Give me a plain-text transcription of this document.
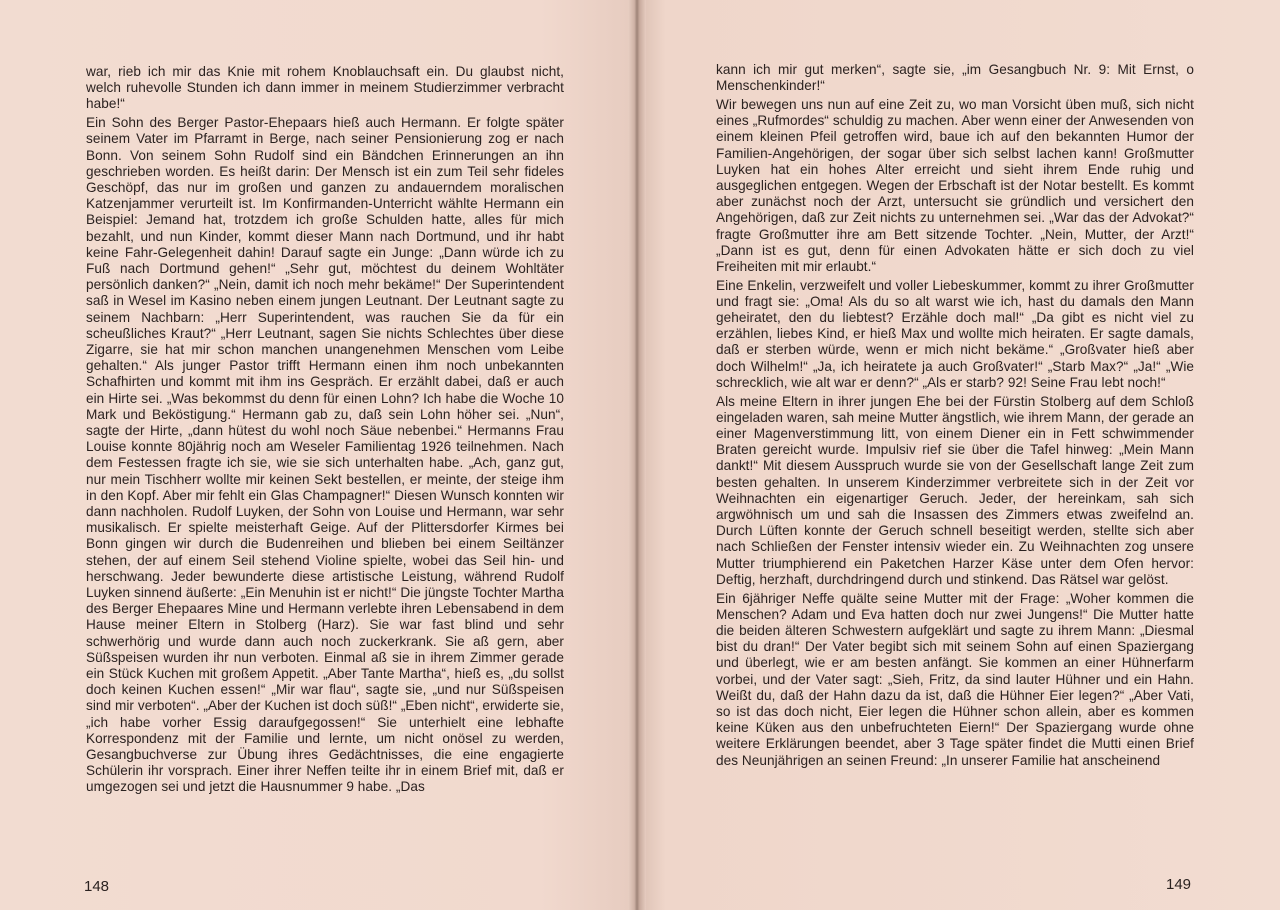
war, rieb ich mir das Knie mit rohem Knoblauchsaft ein. Du glaubst nicht, welch ruhevolle Stunden ich dann immer in meinem Studierzimmer verbracht habe!“

Ein Sohn des Berger Pastor-Ehepaars hieß auch Hermann. Er folgte später seinem Vater im Pfarramt in Berge, nach seiner Pensionierung zog er nach Bonn. Von seinem Sohn Rudolf sind ein Bändchen Erinnerungen an ihn geschrieben worden. Es heißt darin: Der Mensch ist ein zum Teil sehr fideles Geschöpf, das nur im großen und ganzen zu andauerndem moralischen Katzenjammer verurteilt ist. Im Konfirmanden-Unterricht wählte Hermann ein Beispiel: Jemand hat, trotzdem ich große Schulden hatte, alles für mich bezahlt, und nun Kinder, kommt dieser Mann nach Dortmund, und ihr habt keine Fahr-Gelegenheit dahin! Darauf sagte ein Junge: „Dann würde ich zu Fuß nach Dortmund gehen!“ „Sehr gut, möchtest du deinem Wohltäter persönlich danken?“ „Nein, damit ich noch mehr bekäme!“ Der Superintendent saß in Wesel im Kasino neben einem jungen Leutnant. Der Leutnant sagte zu seinem Nachbarn: „Herr Superintendent, was rauchen Sie da für ein scheußliches Kraut?“ „Herr Leutnant, sagen Sie nichts Schlechtes über diese Zigarre, sie hat mir schon manchen unangenehmen Menschen vom Leibe gehalten.“ Als junger Pastor trifft Hermann einen ihm noch unbekannten Schafhirten und kommt mit ihm ins Gespräch. Er erzählt dabei, daß er auch ein Hirte sei. „Was bekommst du denn für einen Lohn? Ich habe die Woche 10 Mark und Beköstigung.“ Hermann gab zu, daß sein Lohn höher sei. „Nun“, sagte der Hirte, „dann hütest du wohl noch Säue nebenbei.“ Hermanns Frau Louise konnte 80jährig noch am Weseler Familientag 1926 teilnehmen. Nach dem Festessen fragte ich sie, wie sie sich unterhalten habe. „Ach, ganz gut, nur mein Tischherr wollte mir keinen Sekt bestellen, er meinte, der steige ihm in den Kopf. Aber mir fehlt ein Glas Champagner!“ Diesen Wunsch konnten wir dann nachholen. Rudolf Luyken, der Sohn von Louise und Hermann, war sehr musikalisch. Er spielte meisterhaft Geige. Auf der Plittersdorfer Kirmes bei Bonn gingen wir durch die Budenreihen und blieben bei einem Seiltänzer stehen, der auf einem Seil stehend Violine spielte, wobei das Seil hin- und herschwang. Jeder bewunderte diese artistische Leistung, während Rudolf Luyken sinnend äußerte: „Ein Menuhin ist er nicht!“ Die jüngste Tochter Martha des Berger Ehepaares Mine und Hermann verlebte ihren Lebensabend in dem Hause meiner Eltern in Stolberg (Harz). Sie war fast blind und sehr schwerhörig und wurde dann auch noch zuckerkrank. Sie aß gern, aber Süßspeisen wurden ihr nun verboten. Einmal aß sie in ihrem Zimmer gerade ein Stück Kuchen mit großem Appetit. „Aber Tante Martha“, hieß es, „du sollst doch keinen Kuchen essen!“ „Mir war flau“, sagte sie, „und nur Süßspeisen sind mir verboten“. „Aber der Kuchen ist doch süß!“ „Eben nicht“, erwiderte sie, „ich habe vorher Essig daraufgegossen!“ Sie unterhielt eine lebhafte Korrespondenz mit der Familie und lernte, um nicht onösel zu werden, Gesangbuchverse zur Übung ihres Gedächtnisses, die eine engagierte Schülerin ihr vorsprach. Einer ihrer Neffen teilte ihr in einem Brief mit, daß er umgezogen sei und jetzt die Hausnummer 9 habe. „Das

148

kann ich mir gut merken“, sagte sie, „im Gesangbuch Nr. 9: Mit Ernst, o Menschenkinder!“

Wir bewegen uns nun auf eine Zeit zu, wo man Vorsicht üben muß, sich nicht eines „Rufmordes“ schuldig zu machen. Aber wenn einer der Anwesenden von einem kleinen Pfeil getroffen wird, baue ich auf den bekannten Humor der Familien-Angehörigen, der sogar über sich selbst lachen kann! Großmutter Luyken hat ein hohes Alter erreicht und sieht ihrem Ende ruhig und ausgeglichen entgegen. Wegen der Erbschaft ist der Notar bestellt. Es kommt aber zunächst noch der Arzt, untersucht sie gründlich und versichert den Angehörigen, daß zur Zeit nichts zu unternehmen sei. „War das der Advokat?“ fragte Großmutter ihre am Bett sitzende Tochter. „Nein, Mutter, der Arzt!“ „Dann ist es gut, denn für einen Advokaten hätte er sich doch zu viel Freiheiten mit mir erlaubt.“

Eine Enkelin, verzweifelt und voller Liebeskummer, kommt zu ihrer Großmutter und fragt sie: „Oma! Als du so alt warst wie ich, hast du damals den Mann geheiratet, den du liebtest? Erzähle doch mal!“ „Da gibt es nicht viel zu erzählen, liebes Kind, er hieß Max und wollte mich heiraten. Er sagte damals, daß er sterben würde, wenn er mich nicht bekäme.“ „Großvater hieß aber doch Wilhelm!“ „Ja, ich heiratete ja auch Großvater!“ „Starb Max?“ „Ja!“ „Wie schrecklich, wie alt war er denn?“ „Als er starb? 92! Seine Frau lebt noch!“

Als meine Eltern in ihrer jungen Ehe bei der Fürstin Stolberg auf dem Schloß eingeladen waren, sah meine Mutter ängstlich, wie ihrem Mann, der gerade an einer Magenverstimmung litt, von einem Diener ein in Fett schwimmender Braten gereicht wurde. Impulsiv rief sie über die Tafel hinweg: „Mein Mann dankt!“ Mit diesem Ausspruch wurde sie von der Gesellschaft lange Zeit zum besten gehalten. In unserem Kinderzimmer verbreitete sich in der Zeit vor Weihnachten ein eigenartiger Geruch. Jeder, der hereinkam, sah sich argwöhnisch um und sah die Insassen des Zimmers etwas zweifelnd an. Durch Lüften konnte der Geruch schnell beseitigt werden, stellte sich aber nach Schließen der Fenster intensiv wieder ein. Zu Weihnachten zog unsere Mutter triumphierend ein Paketchen Harzer Käse unter dem Ofen hervor: Deftig, herzhaft, durchdringend durch und stinkend. Das Rätsel war gelöst.

Ein 6jähriger Neffe quälte seine Mutter mit der Frage: „Woher kommen die Menschen? Adam und Eva hatten doch nur zwei Jungens!“ Die Mutter hatte die beiden älteren Schwestern aufgeklärt und sagte zu ihrem Mann: „Diesmal bist du dran!“ Der Vater begibt sich mit seinem Sohn auf einen Spaziergang und überlegt, wie er am besten anfängt. Sie kommen an einer Hühnerfarm vorbei, und der Vater sagt: „Sieh, Fritz, da sind lauter Hühner und ein Hahn. Weißt du, daß der Hahn dazu da ist, daß die Hühner Eier legen?“ „Aber Vati, so ist das doch nicht, Eier legen die Hühner schon allein, aber es kommen keine Küken aus den unbefruchteten Eiern!“ Der Spaziergang wurde ohne weitere Erklärungen beendet, aber 3 Tage später findet die Mutti einen Brief des Neunjährigen an seinen Freund: „In unserer Familie hat anscheinend

149
